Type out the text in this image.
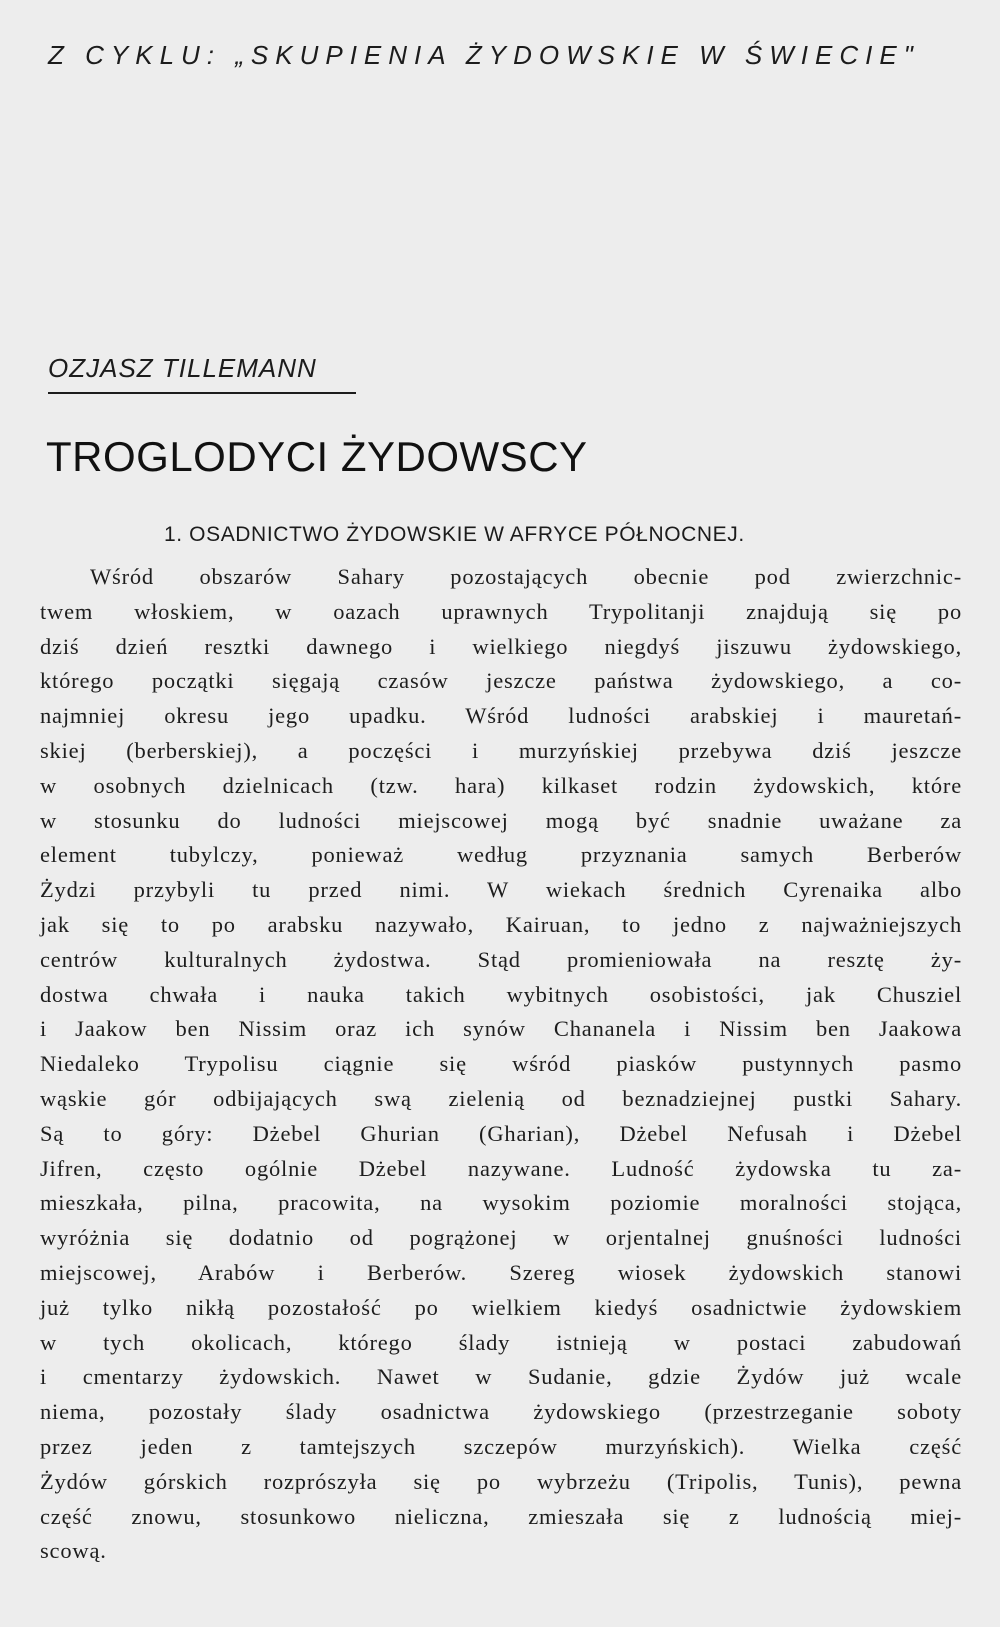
Z CYKLU: „SKUPIENIA ŻYDOWSKIE W ŚWIECIE"
OZJASZ TILLEMANN
TROGLODYCI ŻYDOWSCY
1. OSADNICTWO ŻYDOWSKIE W AFRYCE PÓŁNOCNEJ.
Wśród obszarów Sahary pozostających obecnie pod zwierzchnic-
twem włoskiem, w oazach uprawnych Trypolitanji znajdują się po
dziś dzień resztki dawnego i wielkiego niegdyś jiszuwu żydowskiego,
którego początki sięgają czasów jeszcze państwa żydowskiego, a co-
najmniej okresu jego upadku. Wśród ludności arabskiej i mauretań-
skiej (berberskiej), a poczęści i murzyńskiej przebywa dziś jeszcze
w osobnych dzielnicach (tzw. hara) kilkaset rodzin żydowskich, które
w stosunku do ludności miejscowej mogą być snadnie uważane za
element tubylczy, ponieważ według przyznania samych Berberów
Żydzi przybyli tu przed nimi. W wiekach średnich Cyrenaika albo
jak się to po arabsku nazywało, Kairuan, to jedno z najważniejszych
centrów kulturalnych żydostwa. Stąd promieniowała na resztę ży-
dostwa chwała i nauka takich wybitnych osobistości, jak Chusziel
i Jaakow ben Nissim oraz ich synów Chananela i Nissim ben Jaakowa
Niedaleko Trypolisu ciągnie się wśród piasków pustynnych pasmo
wąskie gór odbijających swą zielenią od beznadziejnej pustki Sahary.
Są to góry: Dżebel Ghurian (Gharian), Dżebel Nefusah i Dżebel
Jifren, często ogólnie Dżebel nazywane. Ludność żydowska tu za-
mieszkała, pilna, pracowita, na wysokim poziomie moralności stojąca,
wyróżnia się dodatnio od pogrążonej w orjentalnej gnuśności ludności
miejscowej, Arabów i Berberów. Szereg wiosek żydowskich stanowi
już tylko nikłą pozostałość po wielkiem kiedyś osadnictwie żydowskiem
w tych okolicach, którego ślady istnieją w postaci zabudowań
i cmentarzy żydowskich. Nawet w Sudanie, gdzie Żydów już wcale
niema, pozostały ślady osadnictwa żydowskiego (przestrzeganie soboty
przez jeden z tamtejszych szczepów murzyńskich). Wielka część
Żydów górskich rozprószyła się po wybrzeżu (Tripolis, Tunis), pewna
część znowu, stosunkowo nieliczna, zmieszała się z ludnością miej-
scową.
